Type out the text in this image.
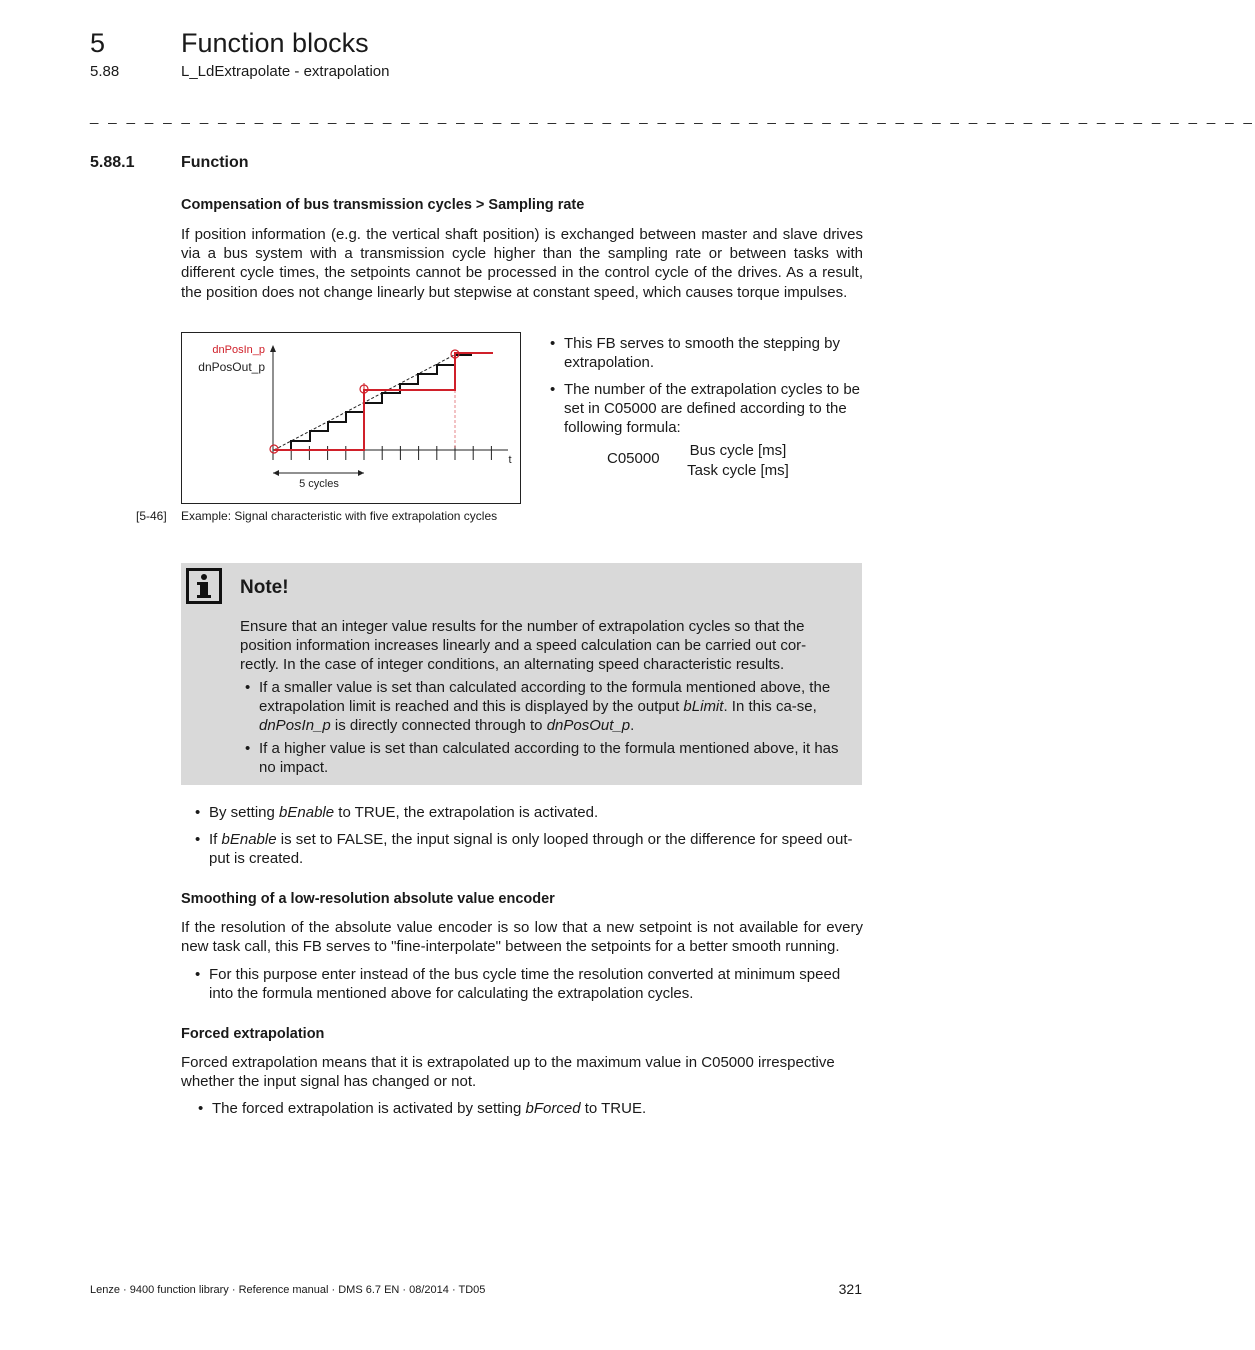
5	Function blocks
5.88	L_LdExtrapolate - extrapolation
_ _ _ _ _ _ _ _ _ _ _ _ _ _ _ _ _ _ _ _ _ _ _ _ _ _ _ _ _ _ _ _ _ _ _ _ _ _ _ _ _ _ _ _ _ _ _ _ _ _ _ _ _ _ _ _ _ _ _ _ _ _ _ _
5.88.1	Function
Compensation of bus transmission cycles > Sampling rate
If position information (e.g. the vertical shaft position) is exchanged between master and slave drives via a bus system with a transmission cycle higher than the sampling rate or between tasks with different cycle times, the setpoints cannot be processed in the control cycle of the drives. As a result, the position does not change linearly but stepwise at constant speed, which causes torque impulses.
dnPosIn_p
dnPosOut_p
t
5 cycles
[5-46] Example: Signal characteristic with five extrapolation cycles
• This FB serves to smooth the stepping by extrapolation.
• The number of the extrapolation cycles to be set in C05000 are defined according to the following formula:
C05000	Bus cycle [ms]
Task cycle [ms]
Note!
Ensure that an integer value results for the number of extrapolation cycles so that the position information increases linearly and a speed calculation can be carried out cor-rectly. In the case of integer conditions, an alternating speed characteristic results.
• If a smaller value is set than calculated according to the formula mentioned above, the extrapolation limit is reached and this is displayed by the output bLimit. In this ca-se, dnPosIn_p is directly connected through to dnPosOut_p.
• If a higher value is set than calculated according to the formula mentioned above, it has no impact.
• By setting bEnable to TRUE, the extrapolation is activated.
• If bEnable is set to FALSE, the input signal is only looped through or the difference for speed out-put is created.
Smoothing of a low-resolution absolute value encoder
If the resolution of the absolute value encoder is so low that a new setpoint is not available for every new task call, this FB serves to "fine-interpolate" between the setpoints for a better smooth running.
• For this purpose enter instead of the bus cycle time the resolution converted at minimum speed into the formula mentioned above for calculating the extrapolation cycles.
Forced extrapolation
Forced extrapolation means that it is extrapolated up to the maximum value in C05000 irrespective whether the input signal has changed or not.
• The forced extrapolation is activated by setting bForced to TRUE.
Lenze · 9400 function library · Reference manual · DMS 6.7 EN · 08/2014 · TD05	321
